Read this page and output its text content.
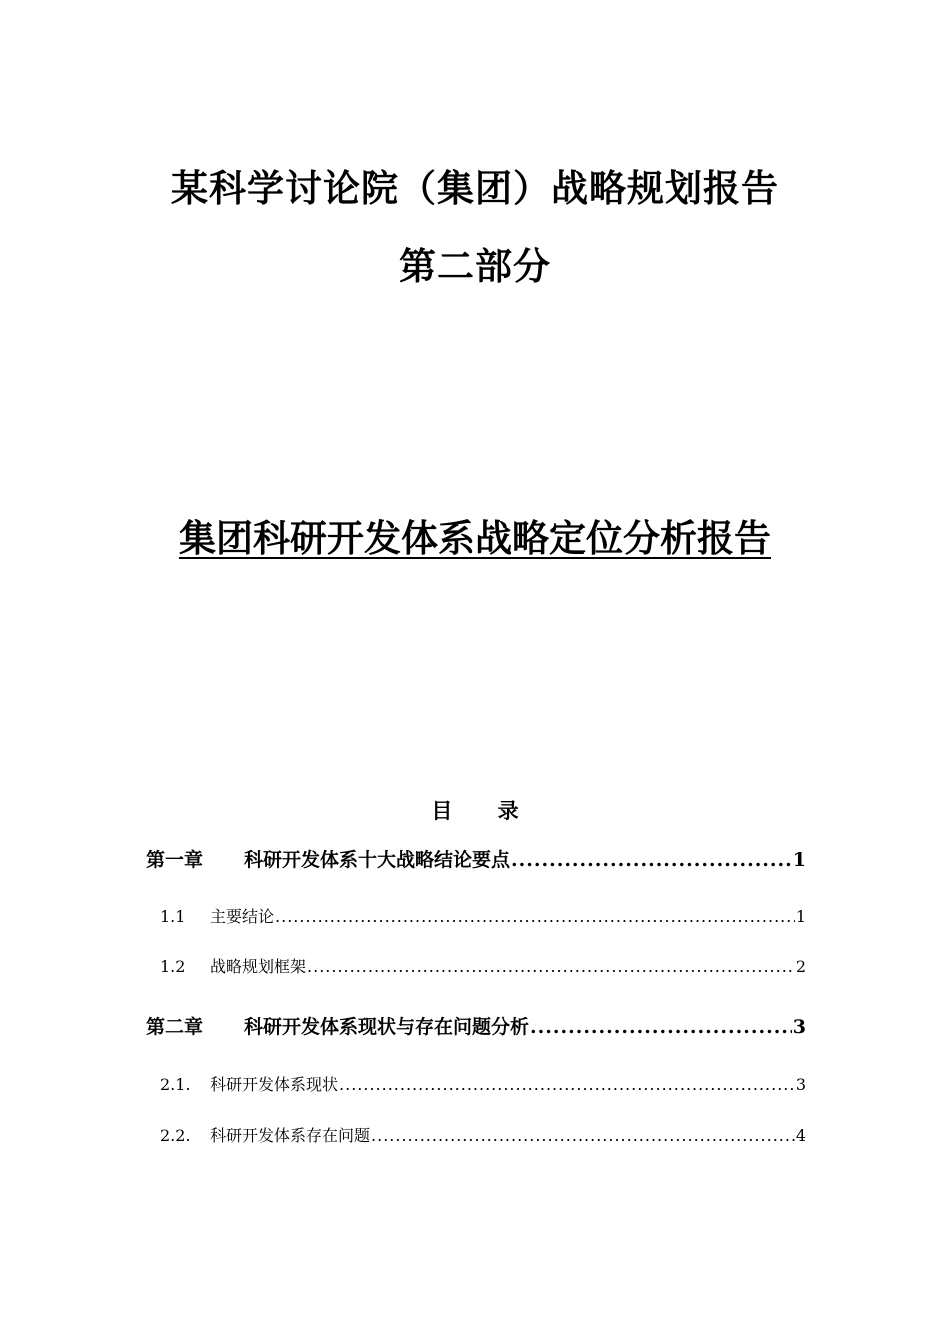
某科学讨论院（集团）战略规划报告
第二部分
集团科研开发体系战略定位分析报告
目 录
第一章	科研开发体系十大战略结论要点 .....	1
1.1	主要结论 .....	1
1.2	战略规划框架 .....	2
第二章	科研开发体系现状与存在问题分析 .....	3
2.1.	科研开发体系现状 .....	3
2.2.	科研开发体系存在问题 .....	4
